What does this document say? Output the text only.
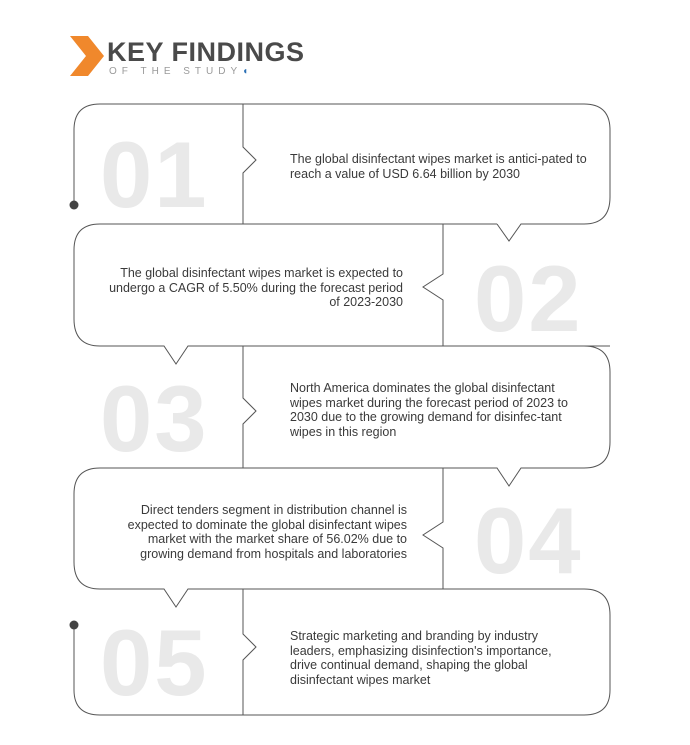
KEY FINDINGS
OF THE STUDY◖
01	The global disinfectant wipes market is antici-pated to reach a value of USD 6.64 billion by 2030
02
The global disinfectant wipes market is expected to undergo a CAGR of 5.50% during the forecast period of 2023-2030
03	North America dominates the global disinfectant wipes market during the forecast period of 2023 to 2030 due to the growing demand for disinfec-tant wipes in this region
04
Direct tenders segment in distribution channel is expected to dominate the global disinfectant wipes market with the market share of 56.02% due to growing demand from hospitals and laboratories
05	Strategic marketing and branding by industry leaders, emphasizing disinfection's importance, drive continual demand, shaping the global disinfectant wipes market
